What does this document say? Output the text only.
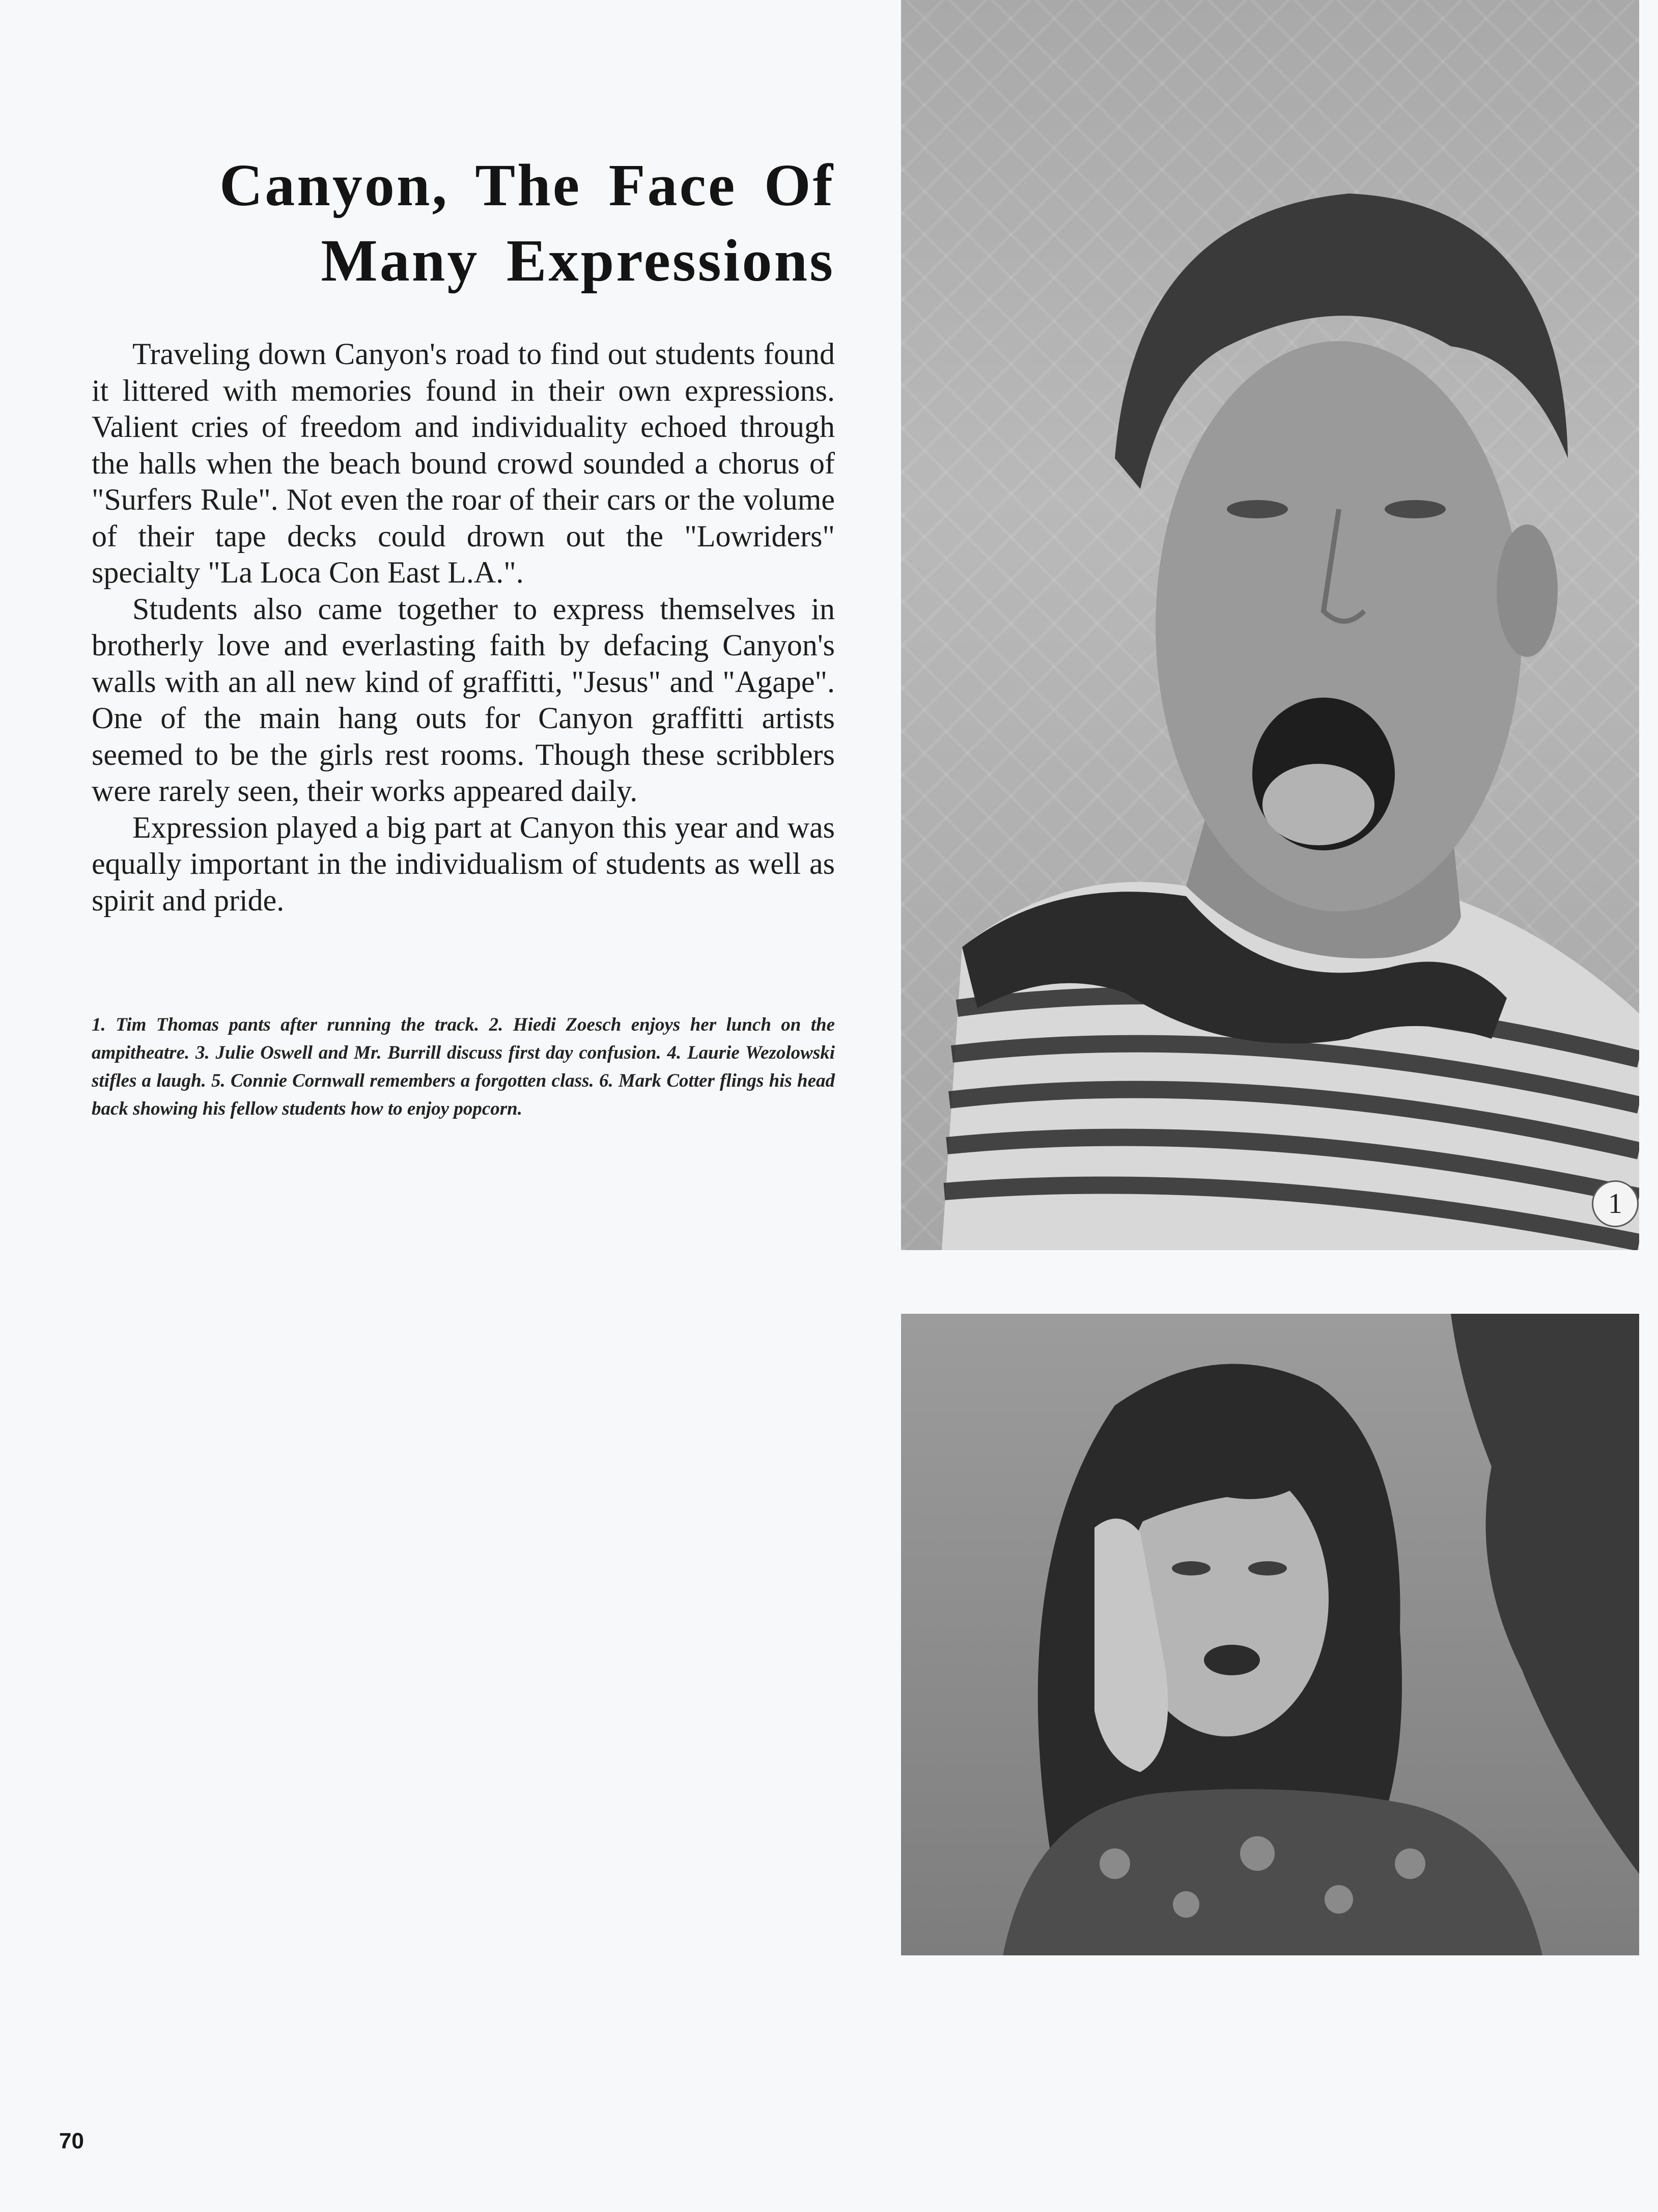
Canyon, The Face Of
Many Expressions

Traveling down Canyon's road to find out students found it littered with memories found in their own expressions. Valient cries of freedom and individuality echoed through the halls when the beach bound crowd sounded a chorus of "Surfers Rule". Not even the roar of their cars or the volume of their tape decks could drown out the "Lowriders" specialty "La Loca Con East L.A.".

Students also came together to express themselves in brotherly love and everlasting faith by defacing Canyon's walls with an all new kind of graffitti, "Jesus" and "Agape". One of the main hang outs for Canyon graffitti artists seemed to be the girls rest rooms. Though these scribblers were rarely seen, their works appeared daily.

Expression played a big part at Canyon this year and was equally important in the individualism of students as well as spirit and pride.

1. Tim Thomas pants after running the track. 2. Hiedi Zoesch enjoys her lunch on the ampitheatre. 3. Julie Oswell and Mr. Burrill discuss first day confusion. 4. Laurie Wezolowski stifles a laugh. 5. Connie Cornwall remembers a forgotten class. 6. Mark Cotter flings his head back showing his fellow students how to enjoy popcorn.

1
70
